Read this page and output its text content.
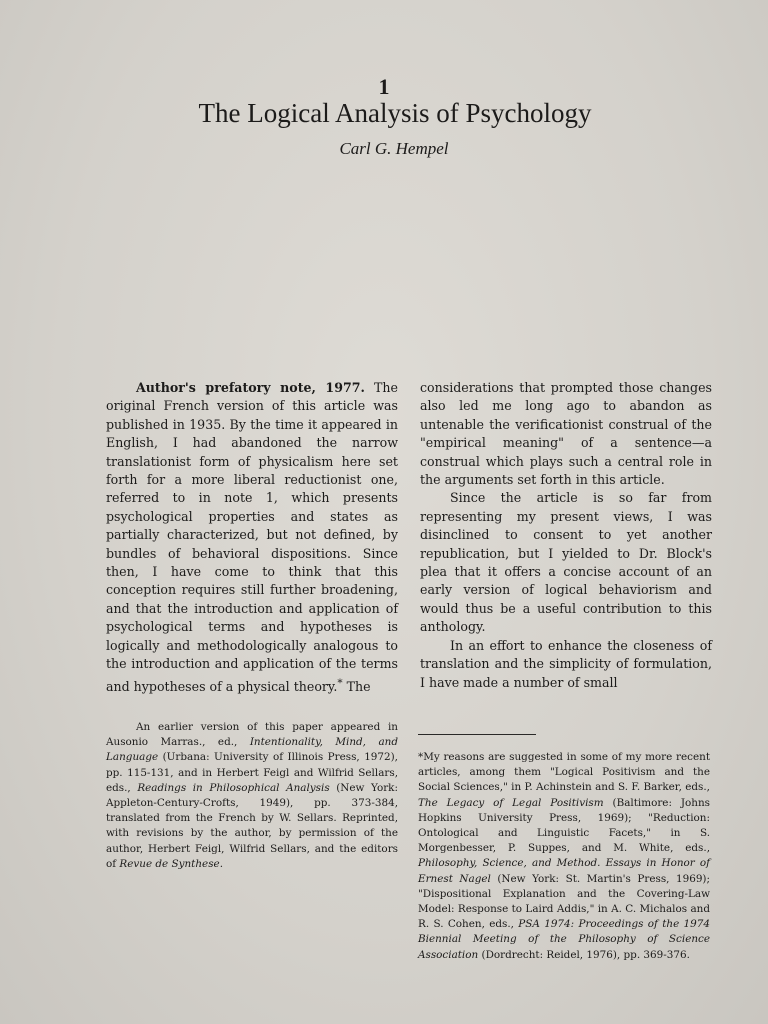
1
The Logical Analysis of Psychology
Carl G. Hempel

Author's prefatory note, 1977. The original French version of this article was published in 1935. By the time it appeared in English, I had abandoned the narrow translationist form of physicalism here set forth for a more liberal reductionist one, referred to in note 1, which presents psychological properties and states as partially characterized, but not defined, by bundles of behavioral dispositions. Since then, I have come to think that this conception requires still further broadening, and that the introduction and application of psychological terms and hypotheses is logically and methodologically analogous to the introduction and application of the terms and hypotheses of a physical theory.* The

considerations that prompted those changes also led me long ago to abandon as untenable the verificationist construal of the "empirical meaning" of a sentence—a construal which plays such a central role in the arguments set forth in this article.

Since the article is so far from representing my present views, I was disinclined to consent to yet another republication, but I yielded to Dr. Block's plea that it offers a concise account of an early version of logical behaviorism and would thus be a useful contribution to this anthology.

In an effort to enhance the closeness of translation and the simplicity of formulation, I have made a number of small

An earlier version of this paper appeared in Ausonio Marras., ed., Intentionality, Mind, and Language (Urbana: University of Illinois Press, 1972), pp. 115-131, and in Herbert Feigl and Wilfrid Sellars, eds., Readings in Philosophical Analysis (New York: Appleton-Century-Crofts, 1949), pp. 373-384, translated from the French by W. Sellars. Reprinted, with revisions by the author, by permission of the author, Herbert Feigl, Wilfrid Sellars, and the editors of Revue de Synthese.

*My reasons are suggested in some of my more recent articles, among them "Logical Positivism and the Social Sciences," in P. Achinstein and S. F. Barker, eds., The Legacy of Legal Positivism (Baltimore: Johns Hopkins University Press, 1969); "Reduction: Ontological and Linguistic Facets," in S. Morgenbesser, P. Suppes, and M. White, eds., Philosophy, Science, and Method. Essays in Honor of Ernest Nagel (New York: St. Martin's Press, 1969); "Dispositional Explanation and the Covering-Law Model: Response to Laird Addis," in A. C. Michalos and R. S. Cohen, eds., PSA 1974: Proceedings of the 1974 Biennial Meeting of the Philosophy of Science Association (Dordrecht: Reidel, 1976), pp. 369-376.
